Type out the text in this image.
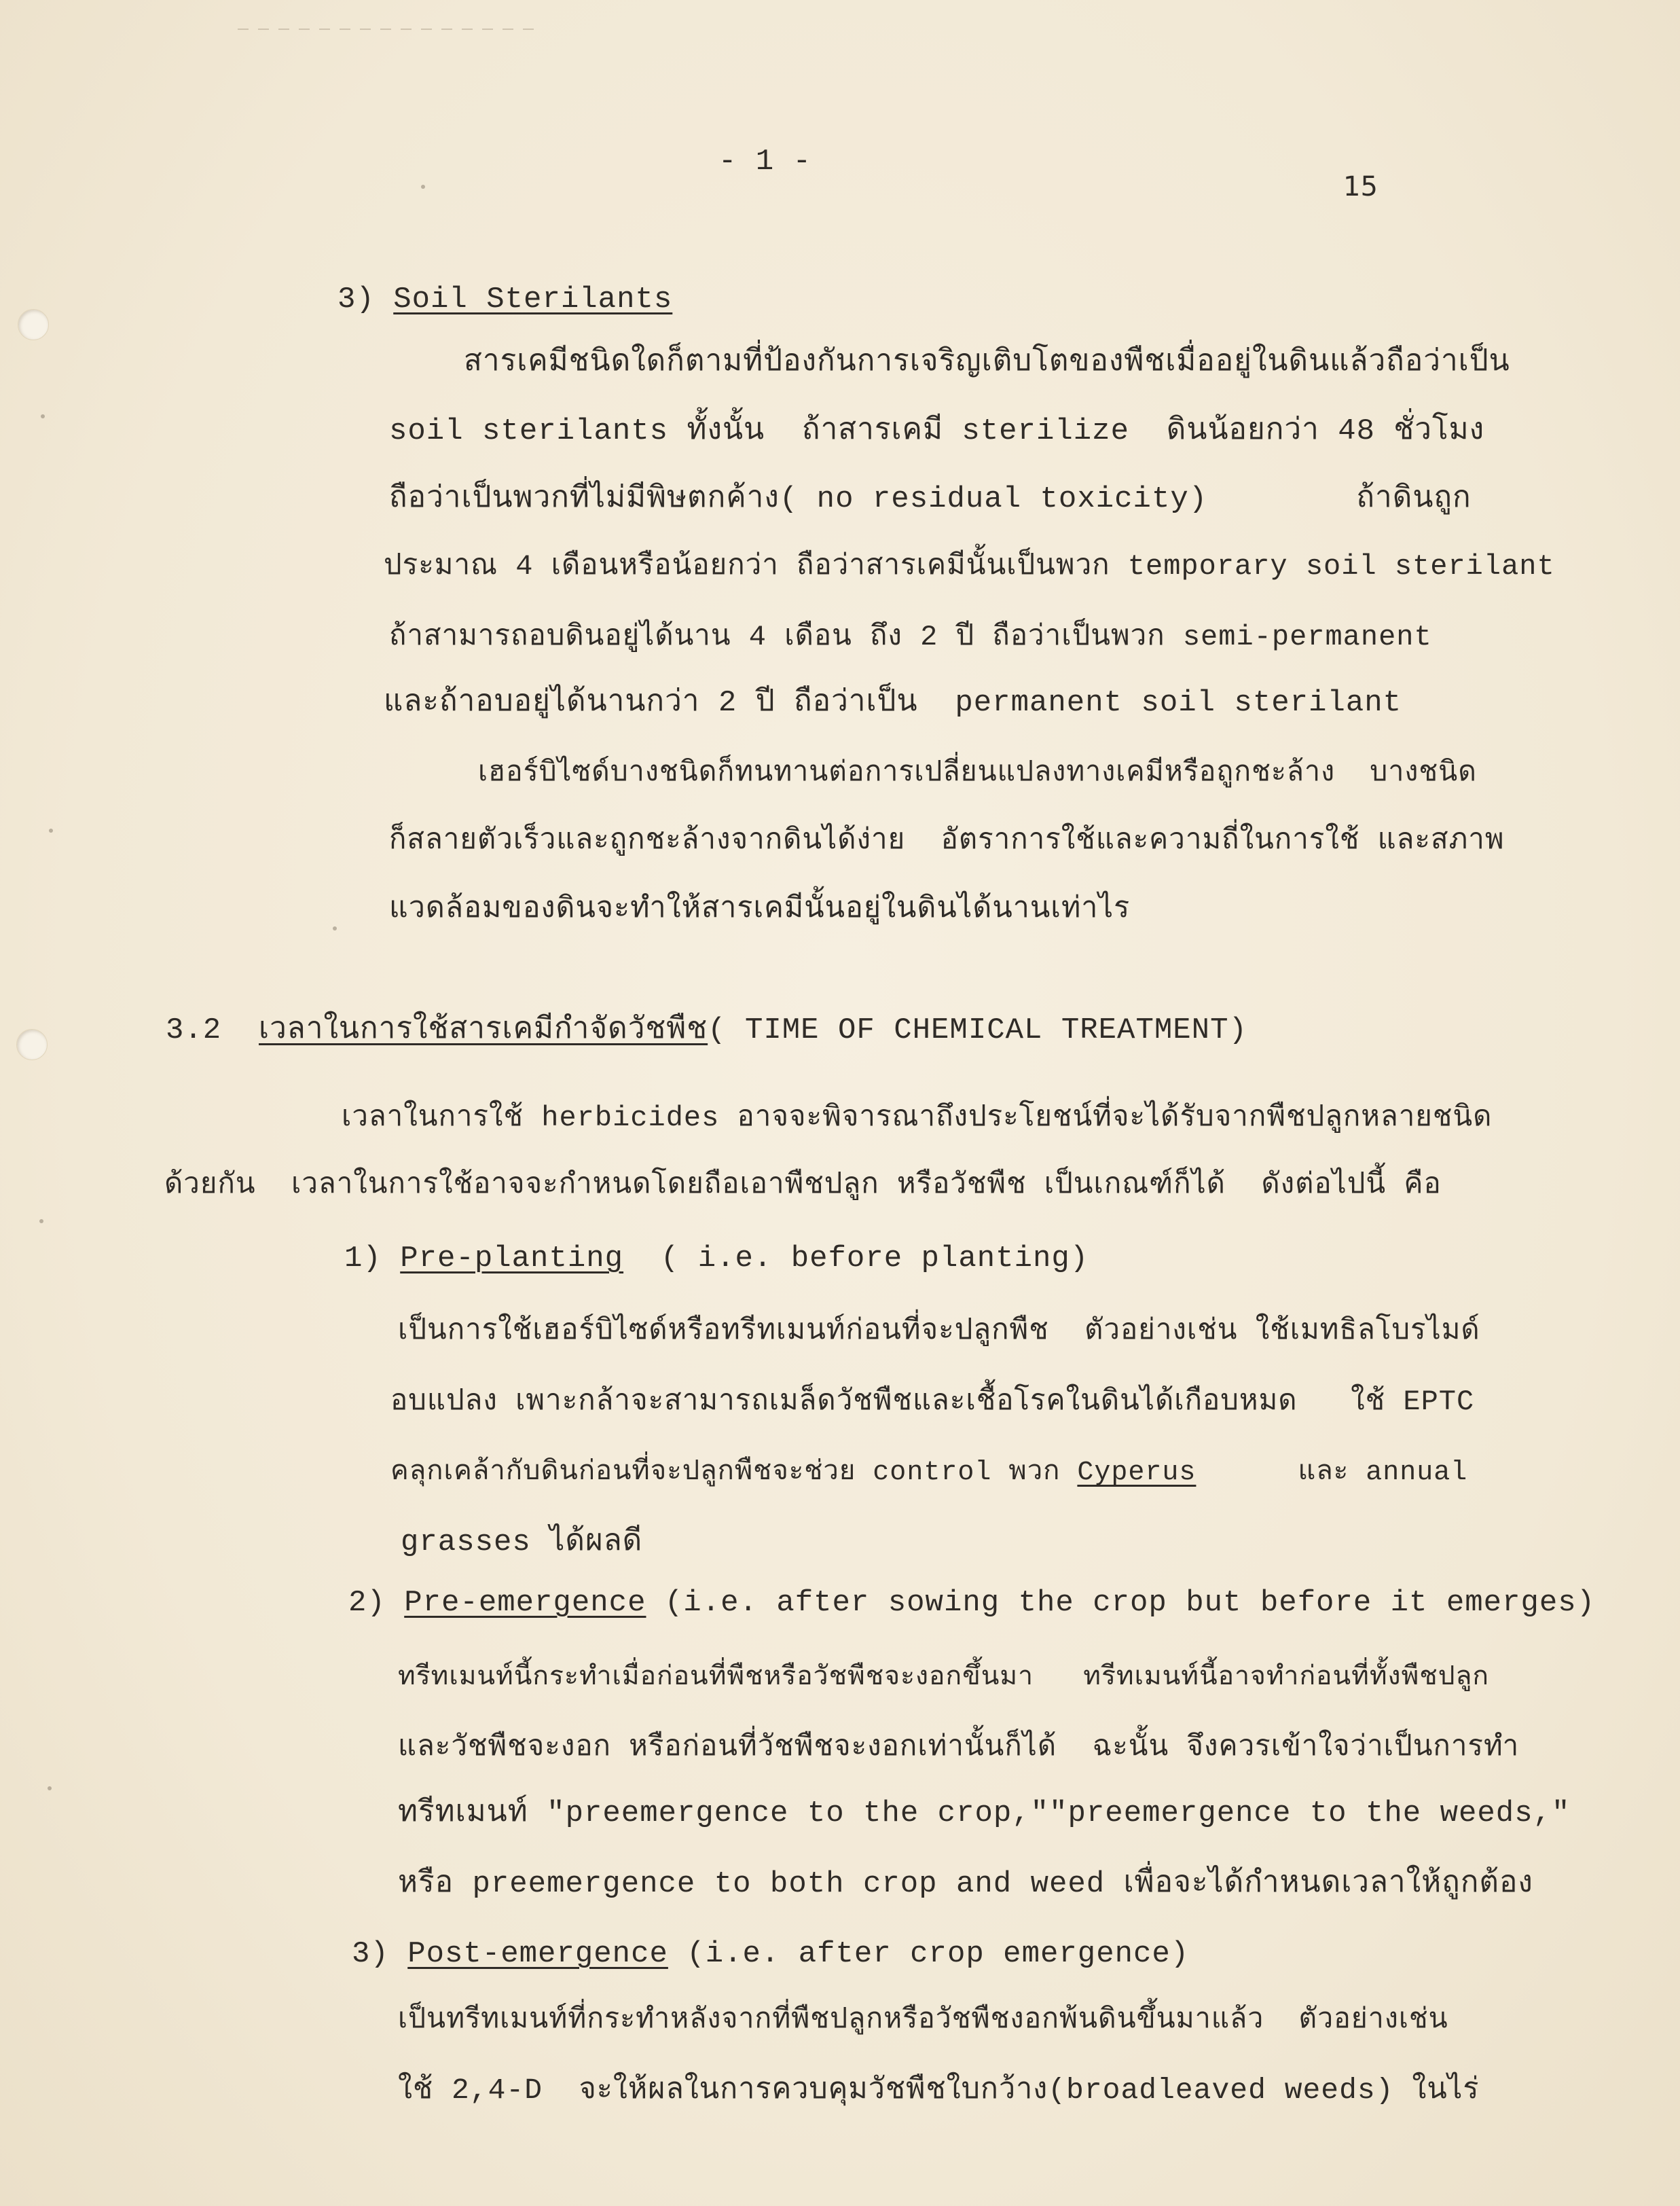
- 1 -
15
3) Soil Sterilants
สารเคมีชนิดใดก็ตามที่ป้องกันการเจริญเติบโตของพืชเมื่ออยู่ในดินแล้วถือว่าเป็น
soil sterilants ทั้งนั้น  ถ้าสารเคมี sterilize  ดินน้อยกว่า 48 ชั่วโมง
ถือว่าเป็นพวกที่ไม่มีพิษตกค้าง( no residual toxicity)        ถ้าดินถูก
ประมาณ 4 เดือนหรือน้อยกว่า ถือว่าสารเคมีนั้นเป็นพวก temporary soil sterilant
ถ้าสามารถอบดินอยู่ได้นาน 4 เดือน ถึง 2 ปี ถือว่าเป็นพวก semi-permanent
และถ้าอบอยู่ได้นานกว่า 2 ปี ถือว่าเป็น  permanent soil sterilant
เฮอร์บิไซด์บางชนิดก็ทนทานต่อการเปลี่ยนแปลงทางเคมีหรือถูกชะล้าง  บางชนิด
ก็สลายตัวเร็วและถูกชะล้างจากดินได้ง่าย  อัตราการใช้และความถี่ในการใช้ และสภาพ
แวดล้อมของดินจะทำให้สารเคมีนั้นอยู่ในดินได้นานเท่าไร
3.2 เวลาในการใช้สารเคมีกำจัดวัชพืช( TIME OF CHEMICAL TREATMENT)
เวลาในการใช้ herbicides อาจจะพิจารณาถึงประโยชน์ที่จะได้รับจากพืชปลูกหลายชนิด
ด้วยกัน  เวลาในการใช้อาจจะกำหนดโดยถือเอาพืชปลูก หรือวัชพืช เป็นเกณฑ์ก็ได้  ดังต่อไปนี้ คือ
1) Pre-planting  ( i.e. before planting)
เป็นการใช้เฮอร์บิไซด์หรือทรีทเมนท์ก่อนที่จะปลูกพืช  ตัวอย่างเช่น ใช้เมทธิลโบรไมด์
อบแปลง เพาะกล้าจะสามารถเมล็ดวัชพืชและเชื้อโรคในดินได้เกือบหมด   ใช้ EPTC
คลุกเคล้ากับดินก่อนที่จะปลูกพืชจะช่วย control พวก Cyperus      และ annual
grasses ได้ผลดี
2) Pre-emergence (i.e. after sowing the crop but before it emerges)
ทรีทเมนท์นี้กระทำเมื่อก่อนที่พืชหรือวัชพืชจะงอกขึ้นมา   ทรีทเมนท์นี้อาจทำก่อนที่ทั้งพืชปลูก
และวัชพืชจะงอก หรือก่อนที่วัชพืชจะงอกเท่านั้นก็ได้  ฉะนั้น จึงควรเข้าใจว่าเป็นการทำ
ทรีทเมนท์ "preemergence to the crop,""preemergence to the weeds,"
หรือ preemergence to both crop and weed เพื่อจะได้กำหนดเวลาให้ถูกต้อง
3) Post-emergence (i.e. after crop emergence)
เป็นทรีทเมนท์ที่กระทำหลังจากที่พืชปลูกหรือวัชพืชงอกพ้นดินขึ้นมาแล้ว  ตัวอย่างเช่น
ใช้ 2,4-D  จะให้ผลในการควบคุมวัชพืชใบกว้าง(broadleaved weeds) ในไร่
